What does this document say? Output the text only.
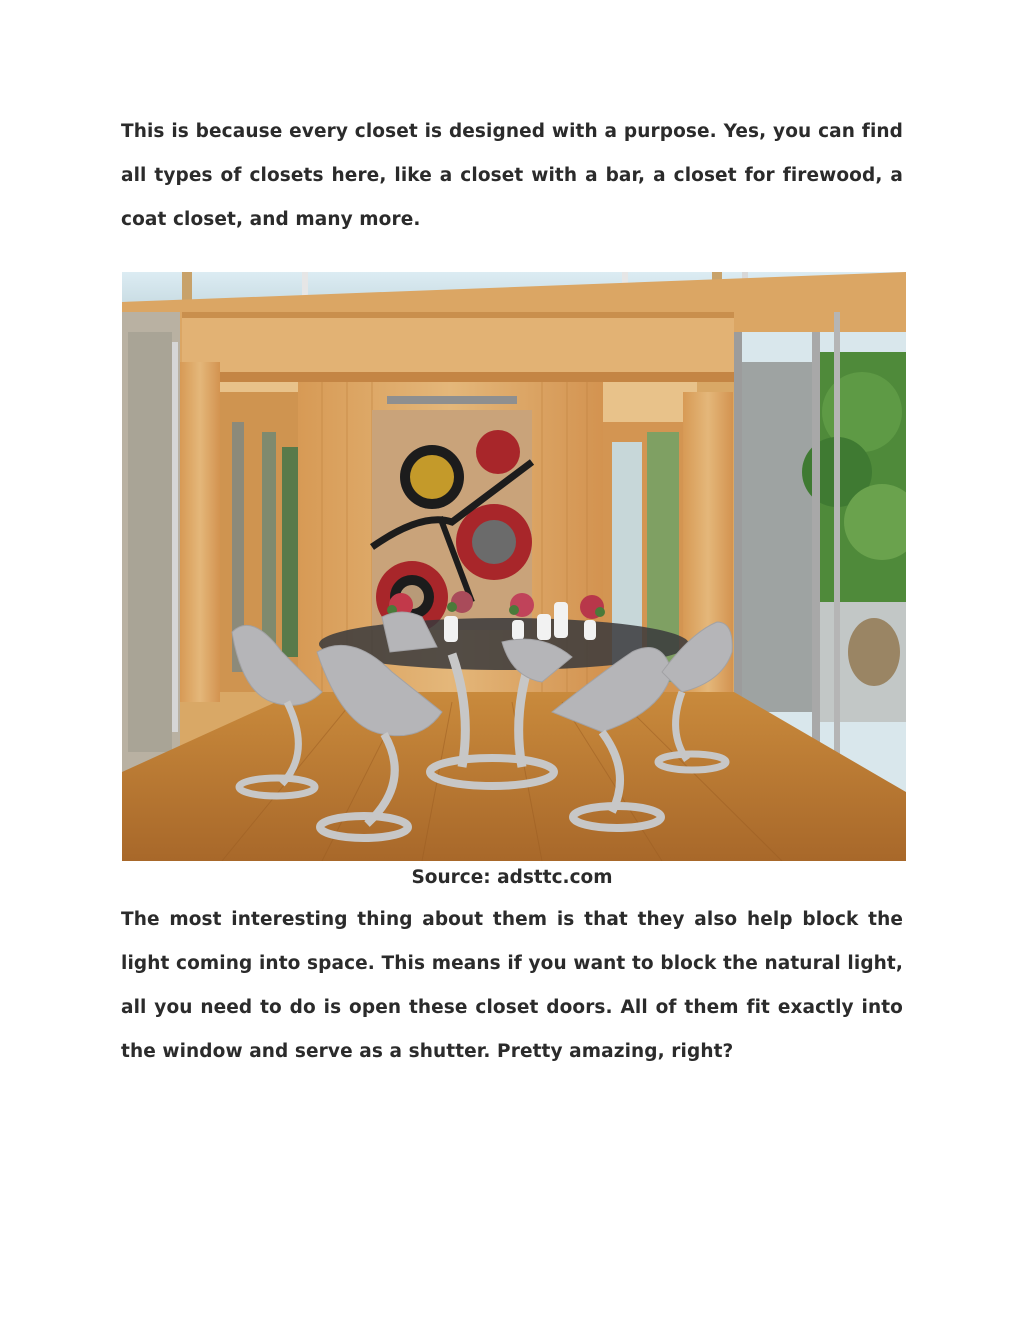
This is because every closet is designed with a purpose. Yes, you can find all types of closets here, like a closet with a bar, a closet for firewood, a coat closet, and many more.

Source: adsttc.com

The most interesting thing about them is that they also help block the light coming into space. This means if you want to block the natural light, all you need to do is open these closet doors. All of them fit exactly into the window and serve as a shutter. Pretty amazing, right?
